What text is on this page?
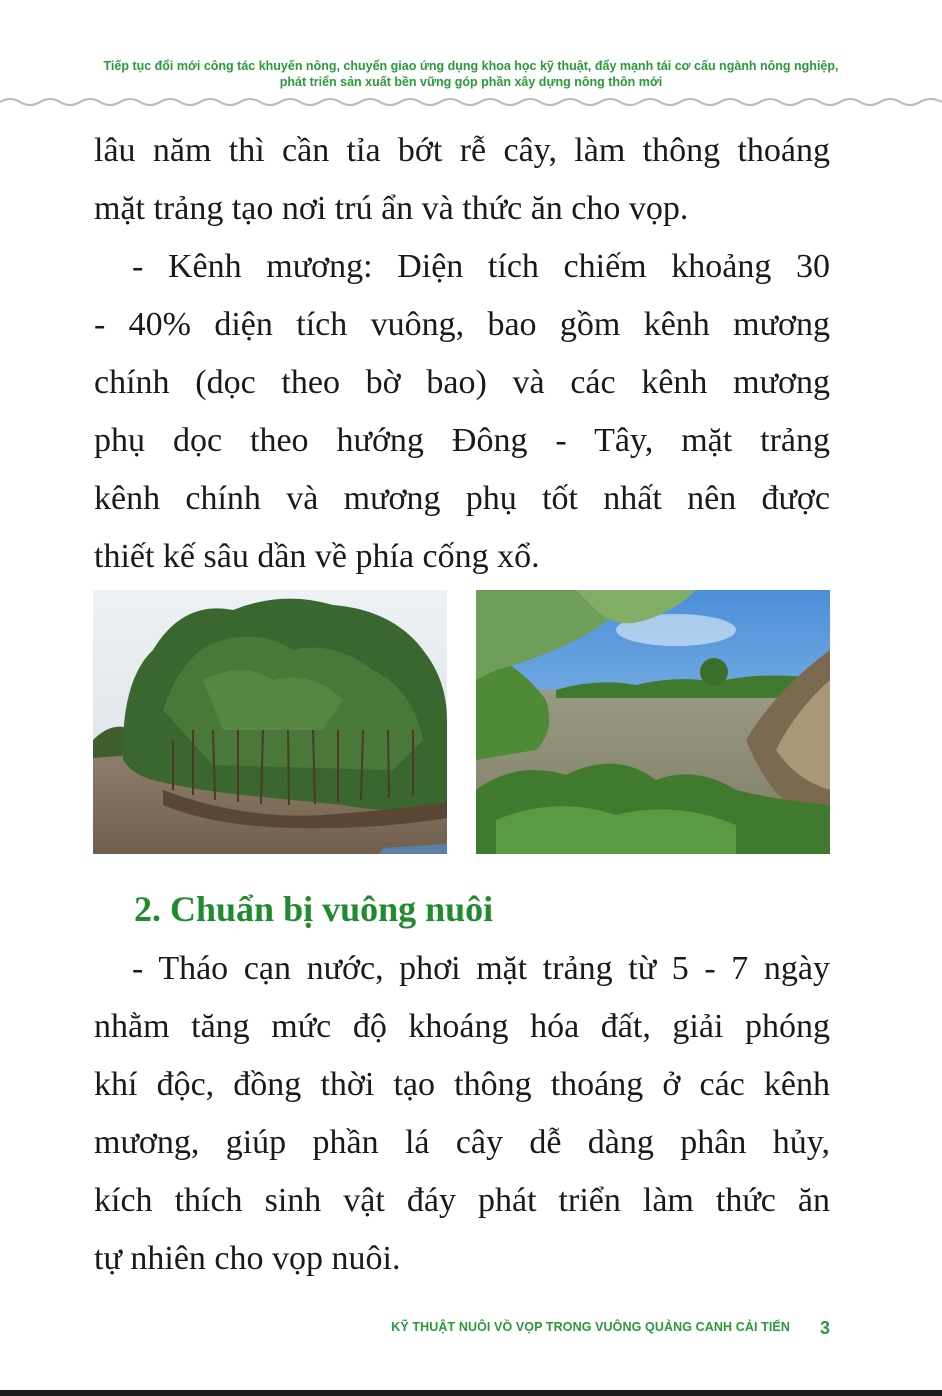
Tiếp tục đổi mới công tác khuyến nông, chuyển giao ứng dụng khoa học kỹ thuật, đẩy mạnh tái cơ cấu ngành nông nghiệp,
phát triển sản xuất bền vững góp phần xây dựng nông thôn mới
lâu năm thì cần tỉa bớt rễ cây, làm thông thoáng
mặt trảng tạo nơi trú ẩn và thức ăn cho vọp.
- Kênh mương: Diện tích chiếm khoảng 30
- 40% diện tích vuông, bao gồm kênh mương
chính (dọc theo bờ bao) và các kênh mương
phụ dọc theo hướng Đông - Tây, mặt trảng
kênh chính và mương phụ tốt nhất nên được
thiết kế sâu dần về phía cống xổ.
2. Chuẩn bị vuông nuôi
- Tháo cạn nước, phơi mặt trảng từ 5 - 7 ngày
nhằm tăng mức độ khoáng hóa đất, giải phóng
khí độc, đồng thời tạo thông thoáng ở các kênh
mương, giúp phần lá cây dễ dàng phân hủy,
kích thích sinh vật đáy phát triển làm thức ăn
tự nhiên cho vọp nuôi.
KỸ THUẬT NUÔI VỒ VỌP TRONG VUÔNG QUẢNG CANH CẢI TIẾN 3
